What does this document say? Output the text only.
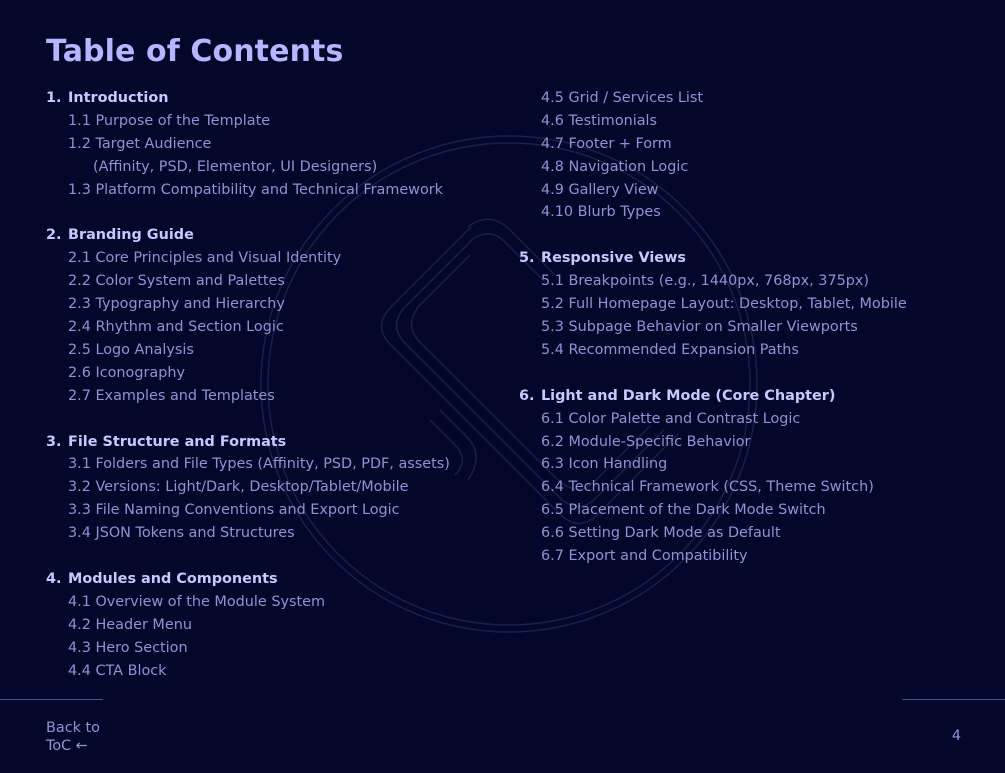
Table of Contents
1. Introduction
1.1 Purpose of the Template
1.2 Target Audience
(Affinity, PSD, Elementor, UI Designers)
1.3 Platform Compatibility and Technical Framework
2. Branding Guide
2.1 Core Principles and Visual Identity
2.2 Color System and Palettes
2.3 Typography and Hierarchy
2.4 Rhythm and Section Logic
2.5 Logo Analysis
2.6 Iconography
2.7 Examples and Templates
3. File Structure and Formats
3.1 Folders and File Types (Affinity, PSD, PDF, assets)
3.2 Versions: Light/Dark, Desktop/Tablet/Mobile
3.3 File Naming Conventions and Export Logic
3.4 JSON Tokens and Structures
4. Modules and Components
4.1 Overview of the Module System
4.2 Header Menu
4.3 Hero Section
4.4 CTA Block
4.5 Grid / Services List
4.6 Testimonials
4.7 Footer + Form
4.8 Navigation Logic
4.9 Gallery View
4.10 Blurb Types
5. Responsive Views
5.1 Breakpoints (e.g., 1440px, 768px, 375px)
5.2 Full Homepage Layout: Desktop, Tablet, Mobile
5.3 Subpage Behavior on Smaller Viewports
5.4 Recommended Expansion Paths
6. Light and Dark Mode (Core Chapter)
6.1 Color Palette and Contrast Logic
6.2 Module-Specific Behavior
6.3 Icon Handling
6.4 Technical Framework (CSS, Theme Switch)
6.5 Placement of the Dark Mode Switch
6.6 Setting Dark Mode as Default
6.7 Export and Compatibility
Back to
ToC ←
4
